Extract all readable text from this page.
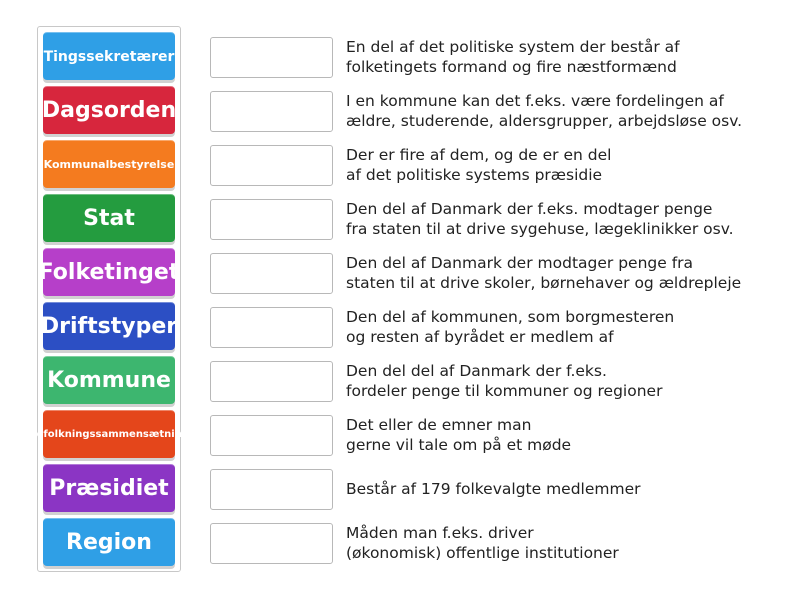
Tingssekretærer
Dagsorden
Kommunalbestyrelse
Stat
Folketinget
Driftstyper
Kommune
Befolkningssammensætning
Præsidiet
Region
En del af det politiske system der består af
folketingets formand og fire næstformænd
I en kommune kan det f.eks. være fordelingen af
ældre, studerende, aldersgrupper, arbejdsløse osv.
Der er fire af dem, og de er en del
af det politiske systems præsidie
Den del af Danmark der f.eks. modtager penge
fra staten til at drive sygehuse, lægeklinikker osv.
Den del af Danmark der modtager penge fra
staten til at drive skoler, børnehaver og ældrepleje
Den del af kommunen, som borgmesteren
og resten af byrådet er medlem af
Den del del af Danmark der f.eks.
fordeler penge til kommuner og regioner
Det eller de emner man
gerne vil tale om på et møde
Består af 179 folkevalgte medlemmer
Måden man f.eks. driver
(økonomisk) offentlige institutioner
